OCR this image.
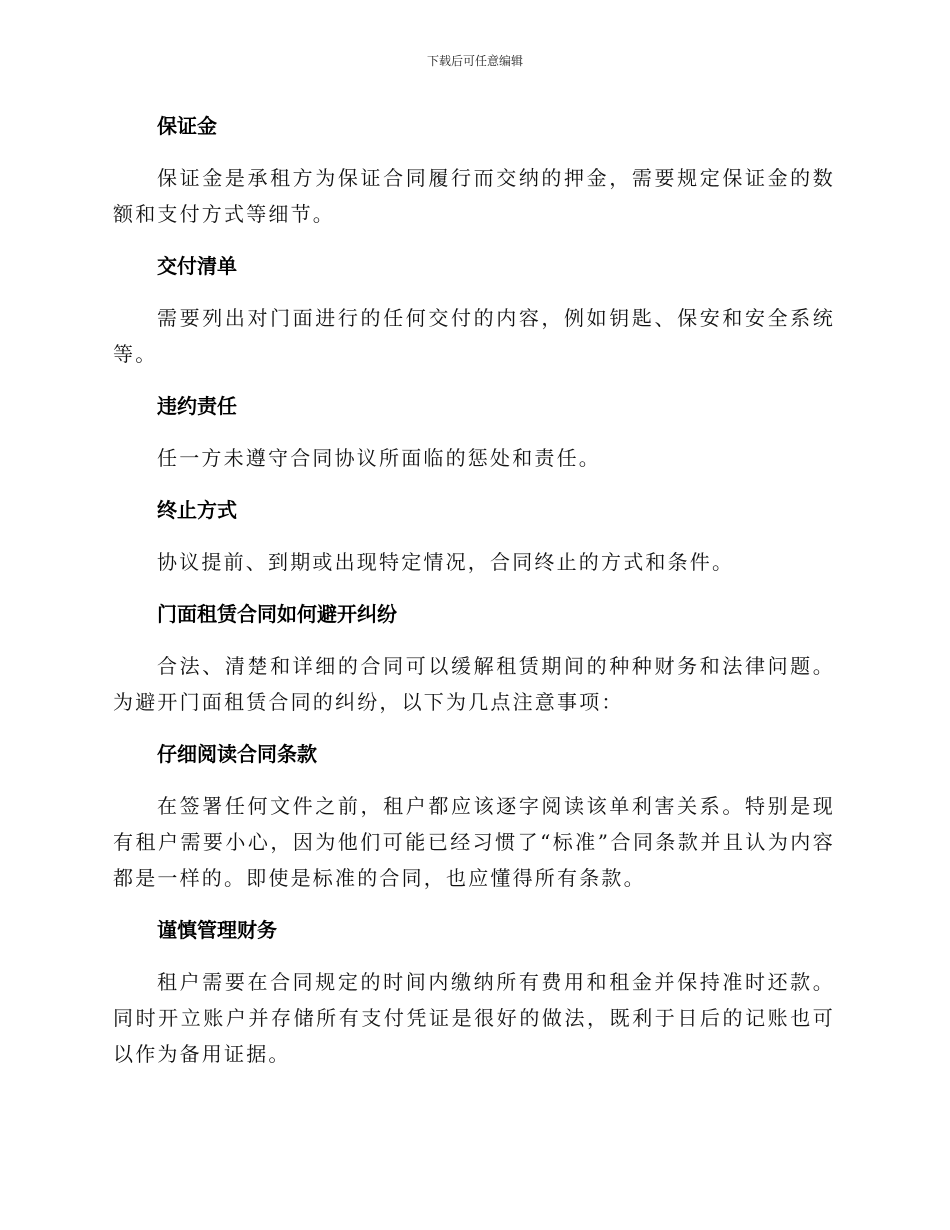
下载后可任意编辑
保证金
保证金是承租方为保证合同履行而交纳的押金，需要规定保证金的数额和支付方式等细节。
交付清单
需要列出对门面进行的任何交付的内容，例如钥匙、保安和安全系统等。
违约责任
任一方未遵守合同协议所面临的惩处和责任。
终止方式
协议提前、到期或出现特定情况，合同终止的方式和条件。
门面租赁合同如何避开纠纷
合法、清楚和详细的合同可以缓解租赁期间的种种财务和法律问题。为避开门面租赁合同的纠纷，以下为几点注意事项：
仔细阅读合同条款
在签署任何文件之前，租户都应该逐字阅读该单利害关系。特别是现有租户需要小心，因为他们可能已经习惯了“标准”合同条款并且认为内容都是一样的。即使是标准的合同，也应懂得所有条款。
谨慎管理财务
租户需要在合同规定的时间内缴纳所有费用和租金并保持准时还款。同时开立账户并存储所有支付凭证是很好的做法，既利于日后的记账也可以作为备用证据。
